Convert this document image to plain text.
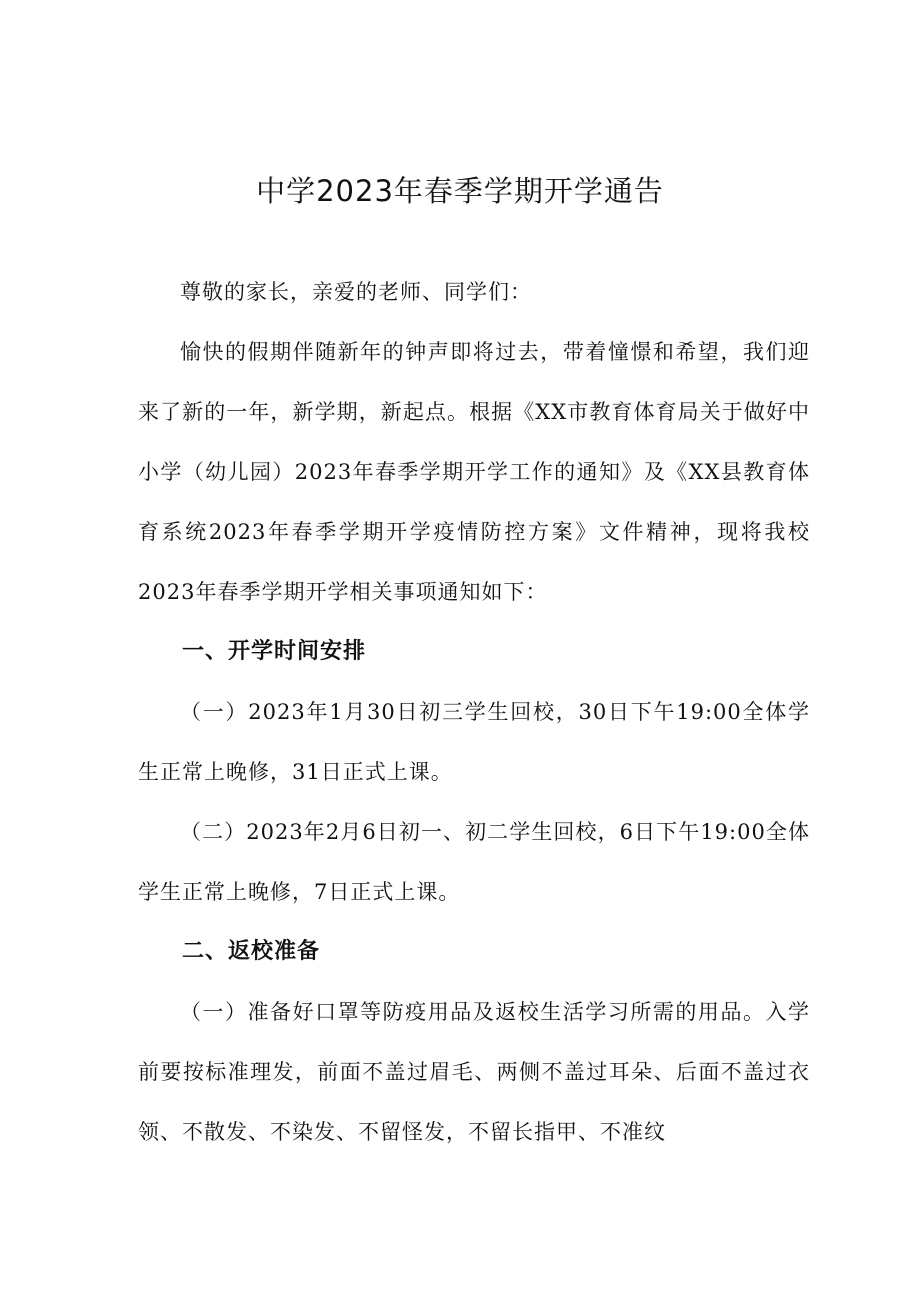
中学2023年春季学期开学通告

尊敬的家长，亲爱的老师、同学们：

愉快的假期伴随新年的钟声即将过去，带着憧憬和希望，我们迎来了新的一年，新学期，新起点。根据《XX市教育体育局关于做好中小学（幼儿园）2023年春季学期开学工作的通知》及《XX县教育体育系统2023年春季学期开学疫情防控方案》文件精神，现将我校2023年春季学期开学相关事项通知如下：

一、开学时间安排

（一）2023年1月30日初三学生回校，30日下午19:00全体学生正常上晚修，31日正式上课。

（二）2023年2月6日初一、初二学生回校，6日下午19:00全体学生正常上晚修，7日正式上课。

二、返校准备

（一）准备好口罩等防疫用品及返校生活学习所需的用品。入学前要按标准理发，前面不盖过眉毛、两侧不盖过耳朵、后面不盖过衣领、不散发、不染发、不留怪发，不留长指甲、不准纹
